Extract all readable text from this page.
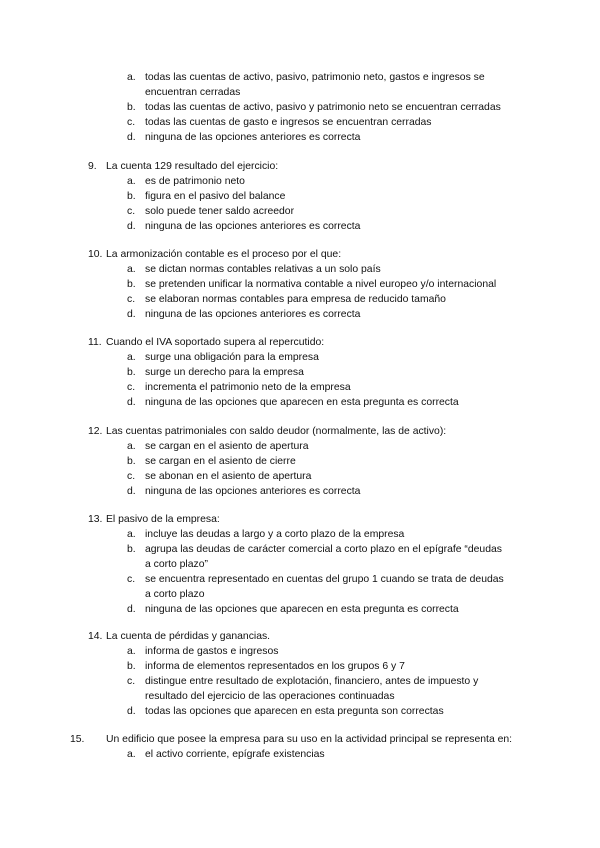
a. todas las cuentas de activo, pasivo, patrimonio neto, gastos e ingresos se encuentran cerradas
b. todas las cuentas de activo, pasivo y patrimonio neto se encuentran cerradas
c. todas las cuentas de gasto e ingresos se encuentran cerradas
d. ninguna de las opciones anteriores es correcta
9. La cuenta 129 resultado del ejercicio:
a. es de patrimonio neto
b. figura en el pasivo del balance
c. solo puede tener saldo acreedor
d. ninguna de las opciones anteriores es correcta
10. La armonización contable es el proceso por el que:
a. se dictan normas contables relativas a un solo país
b. se pretenden unificar la normativa contable a nivel europeo y/o internacional
c. se elaboran normas contables para empresa de reducido tamaño
d. ninguna de las opciones anteriores es correcta
11. Cuando el IVA soportado supera al repercutido:
a. surge una obligación para la empresa
b. surge un derecho para la empresa
c. incrementa el patrimonio neto de la empresa
d. ninguna de las opciones que aparecen en esta pregunta es correcta
12. Las cuentas patrimoniales con saldo deudor (normalmente, las de activo):
a. se cargan en el asiento de apertura
b. se cargan en el asiento de cierre
c. se abonan en el asiento de apertura
d. ninguna de las opciones anteriores es correcta
13. El pasivo de la empresa:
a. incluye las deudas a largo y a corto plazo de la empresa
b. agrupa las deudas de carácter comercial a corto plazo en el epígrafe “deudas a corto plazo”
c. se encuentra representado en cuentas del grupo 1 cuando se trata de deudas a corto plazo
d. ninguna de las opciones que aparecen en esta pregunta es correcta
14. La cuenta de pérdidas y ganancias.
a. informa de gastos e ingresos
b. informa de elementos representados en los grupos 6 y 7
c. distingue entre resultado de explotación, financiero, antes de impuesto y resultado del ejercicio de las operaciones continuadas
d. todas las opciones que aparecen en esta pregunta son correctas
15. Un edificio que posee la empresa para su uso en la actividad principal se representa en:
a. el activo corriente, epígrafe existencias
